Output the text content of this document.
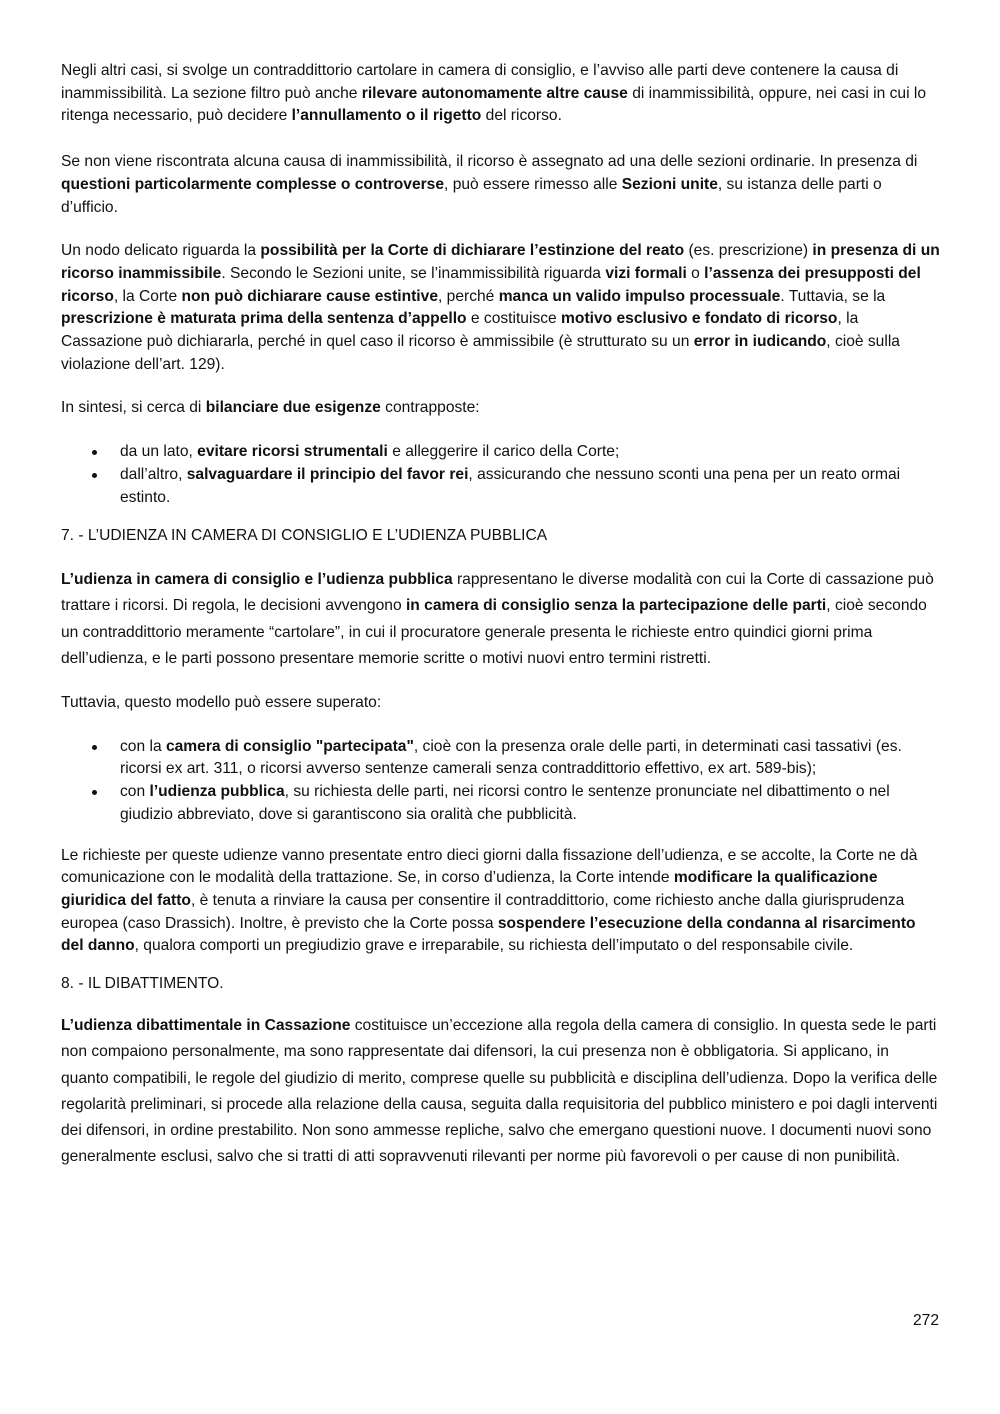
Negli altri casi, si svolge un contraddittorio cartolare in camera di consiglio, e l’avviso alle parti deve contenere la causa di inammissibilità. La sezione filtro può anche rilevare autonomamente altre cause di inammissibilità, oppure, nei casi in cui lo ritenga necessario, può decidere l’annullamento o il rigetto del ricorso.

Se non viene riscontrata alcuna causa di inammissibilità, il ricorso è assegnato ad una delle sezioni ordinarie. In presenza di questioni particolarmente complesse o controverse, può essere rimesso alle Sezioni unite, su istanza delle parti o d’ufficio.

Un nodo delicato riguarda la possibilità per la Corte di dichiarare l’estinzione del reato (es. prescrizione) in presenza di un ricorso inammissibile. Secondo le Sezioni unite, se l’inammissibilità riguarda vizi formali o l’assenza dei presupposti del ricorso, la Corte non può dichiarare cause estintive, perché manca un valido impulso processuale. Tuttavia, se la prescrizione è maturata prima della sentenza d’appello e costituisce motivo esclusivo e fondato di ricorso, la Cassazione può dichiararla, perché in quel caso il ricorso è ammissibile (è strutturato su un error in iudicando, cioè sulla violazione dell’art. 129).

In sintesi, si cerca di bilanciare due esigenze contrapposte:

da un lato, evitare ricorsi strumentali e alleggerire il carico della Corte;
dall’altro, salvaguardare il principio del favor rei, assicurando che nessuno sconti una pena per un reato ormai estinto.
7. - L’UDIENZA IN CAMERA DI CONSIGLIO E L’UDIENZA PUBBLICA

L’udienza in camera di consiglio e l’udienza pubblica rappresentano le diverse modalità con cui la Corte di cassazione può trattare i ricorsi. Di regola, le decisioni avvengono in camera di consiglio senza la partecipazione delle parti, cioè secondo un contraddittorio meramente “cartolare”, in cui il procuratore generale presenta le richieste entro quindici giorni prima dell’udienza, e le parti possono presentare memorie scritte o motivi nuovi entro termini ristretti.

Tuttavia, questo modello può essere superato:

con la camera di consiglio "partecipata", cioè con la presenza orale delle parti, in determinati casi tassativi (es. ricorsi ex art. 311, o ricorsi avverso sentenze camerali senza contraddittorio effettivo, ex art. 589-bis);
con l’udienza pubblica, su richiesta delle parti, nei ricorsi contro le sentenze pronunciate nel dibattimento o nel giudizio abbreviato, dove si garantiscono sia oralità che pubblicità.

Le richieste per queste udienze vanno presentate entro dieci giorni dalla fissazione dell’udienza, e se accolte, la Corte ne dà comunicazione con le modalità della trattazione. Se, in corso d’udienza, la Corte intende modificare la qualificazione giuridica del fatto, è tenuta a rinviare la causa per consentire il contraddittorio, come richiesto anche dalla giurisprudenza europea (caso Drassich). Inoltre, è previsto che la Corte possa sospendere l’esecuzione della condanna al risarcimento del danno, qualora comporti un pregiudizio grave e irreparabile, su richiesta dell’imputato o del responsabile civile.

8. - IL DIBATTIMENTO.

L’udienza dibattimentale in Cassazione costituisce un’eccezione alla regola della camera di consiglio. In questa sede le parti non compaiono personalmente, ma sono rappresentate dai difensori, la cui presenza non è obbligatoria. Si applicano, in quanto compatibili, le regole del giudizio di merito, comprese quelle su pubblicità e disciplina dell’udienza. Dopo la verifica delle regolarità preliminari, si procede alla relazione della causa, seguita dalla requisitoria del pubblico ministero e poi dagli interventi dei difensori, in ordine prestabilito. Non sono ammesse repliche, salvo che emergano questioni nuove. I documenti nuovi sono generalmente esclusi, salvo che si tratti di atti sopravvenuti rilevanti per norme più favorevoli o per cause di non punibilità.

272
